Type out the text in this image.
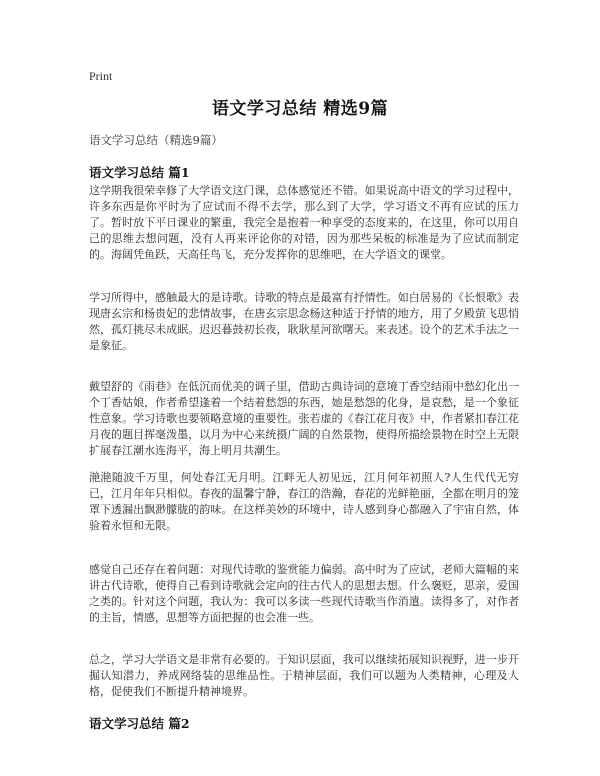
Print
语文学习总结 精选9篇
语文学习总结（精选9篇）
语文学习总结 篇1
这学期我很荣幸修了大学语文这门课，总体感觉还不错。如果说高中语文的学习过程中，许多东西是你平时为了应试而不得不去学，那么到了大学，学习语文不再有应试的压力了。暂时放下平日课业的繁重，我完全是抱着一种享受的态度来的，在这里，你可以用自己的思维去想问题，没有人再来评论你的对错，因为那些呆板的标准是为了应试而制定的。海阔凭鱼跃，天高任鸟飞，充分发挥你的思维吧，在大学语文的课堂。
学习所得中，感触最大的是诗歌。诗歌的特点是最富有抒情性。如白居易的《长恨歌》表现唐玄宗和杨贵妃的悲情故事，在唐玄宗思念杨这种适于抒情的地方，用了夕殿萤飞思悄然，孤灯挑尽未成眠。迟迟暮鼓初长夜，耿耿星河欲曙天。来表述。设个的艺术手法之一是象征。
戴望舒的《雨巷》在低沉而优美的调子里，借助古典诗词的意境丁香空结雨中愁幻化出一个丁香姑娘，作者希望逢着一个结着愁怨的东西，她是愁怨的化身，是哀愁，是一个象征性意象。学习诗歌也要领略意境的重要性。张若虚的《春江花月夜》中，作者紧扣春江花月夜的题目挥毫泼墨，以月为中心来统摄广阔的自然景物，使得所描绘景物在时空上无限扩展春江潮水连海平，海上明月共潮生。
滟滟随波千万里，何处春江无月明。江畔无人初见远，江月何年初照人?人生代代无穷已，江月年年只相似。春夜的温馨宁静，春江的浩瀚，春花的光鲜艳丽，全都在明月的笼罩下透漏出飘渺朦胧的韵味。在这样美妙的环境中，诗人感到身心都融入了宇宙自然，体验着永恒和无限。
感觉自己还存在着问题：对现代诗歌的鉴赏能力偏弱。高中时为了应试，老师大篇幅的来讲古代诗歌，使得自己看到诗歌就会定向的往古代人的思想去想。什么褒贬，思亲，爱国之类的。针对这个问题，我认为：我可以多读一些现代诗歌当作消遣。读得多了，对作者的主旨，情感，思想等方面把握的也会准一些。
总之，学习大学语文是非常有必要的。于知识层面，我可以继续拓展知识视野，进一步开掘认知潜力，养成网络装的思维品性。于精神层面，我们可以题为人类精神，心理及人格，促使我们不断提升精神境界。
语文学习总结 篇2
